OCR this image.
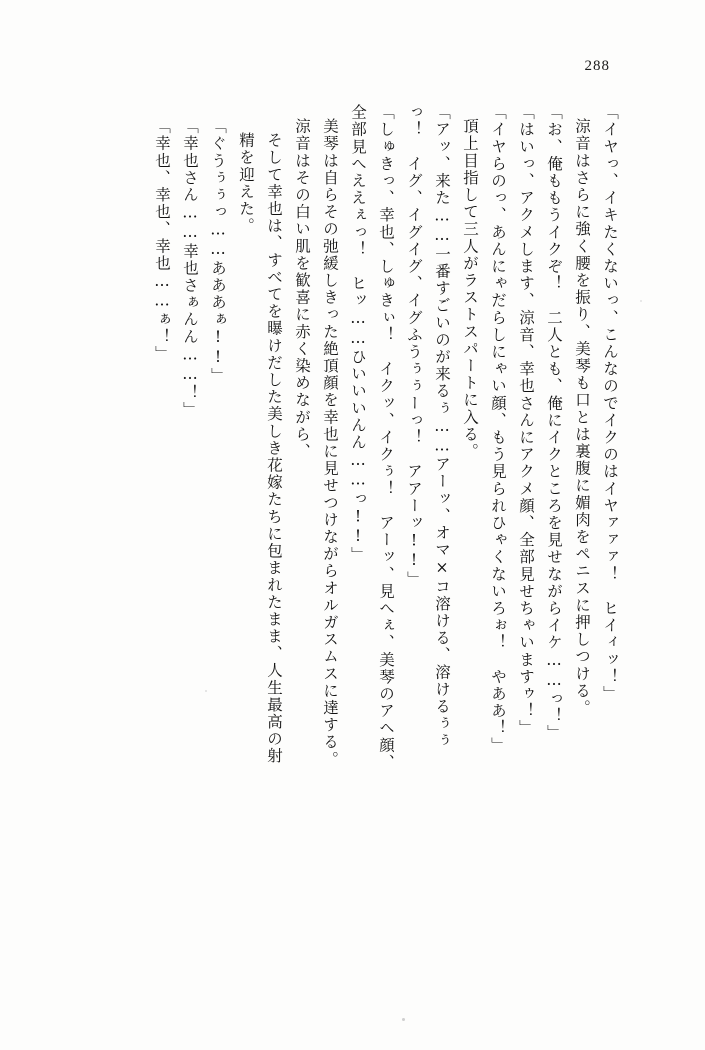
288
「イヤっ、イキたくないっ、こんなのでイクのはイヤァァァ！　ヒイィッ！」
涼音はさらに強く腰を振り、美琴も口とは裏腹に媚肉をペニスに押しつける。
「お、俺ももうイクぞ！　二人とも、俺にイクところを見せながらイケ……っ！」
「はいっ、アクメします、涼音、幸也さんにアクメ顔、全部見せちゃいますゥ！」
「イヤらのっ、あんにゃだらしにゃい顔、もう見られひゃくないろぉ！　やああ！」
頂上目指して三人がラストスパートに入る。
「アッ、来た……一番すごいのが来るぅ……アーッ、オマ×コ溶ける、溶けるぅぅ
っ！　イグ、イグイグ、イグふうぅぅーっ！　アアーッ!!」
「しゅきっ、幸也、しゅきぃ！　イクッ、イクぅ！　アーッ、見へぇ、美琴のアヘ顔、
全部見へええぇっ！　ヒッ……ひいいいんん……っ!!」
美琴は自らその弛緩しきった絶頂顔を幸也に見せつけながらオルガスムスに達する。
涼音はその白い肌を歓喜に赤く染めながら、
そして幸也は、すべてを曝けだした美しき花嫁たちに包まれたまま、人生最高の射
精を迎えた。
「ぐうぅぅっ……あああぁ!!」
「幸也さん……幸也さぁんん……！」
「幸也、幸也、幸也……ぁ！」
